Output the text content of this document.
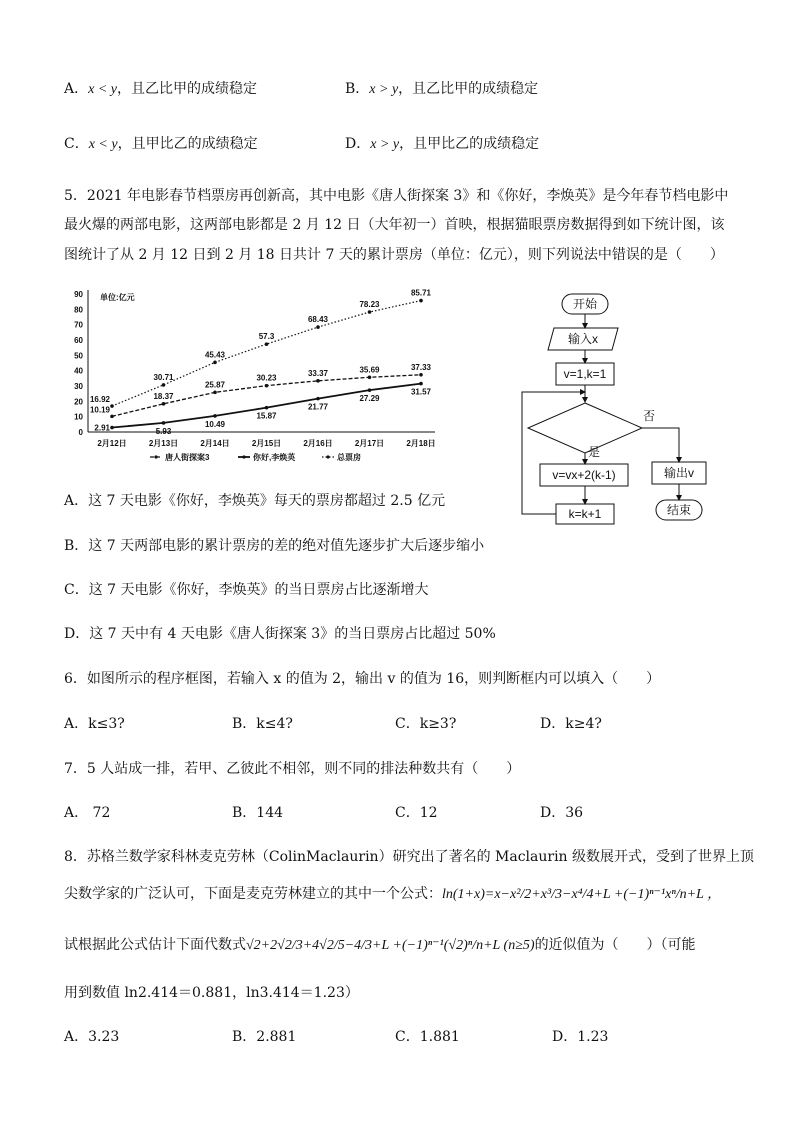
A．x < y，且乙比甲的成绩稳定	B．x > y，且乙比甲的成绩稳定
C．x < y，且甲比乙的成绩稳定	D．x > y，且甲比乙的成绩稳定
5．2021 年电影春节档票房再创新高，其中电影《唐人街探案 3》和《你好，李焕英》是今年春节档电影中
最火爆的两部电影，这两部电影都是 2 月 12 日（大年初一）首映，根据猫眼票房数据得到如下统计图，该
图统计了从 2 月 12 日到 2 月 18 日共计 7 天的累计票房（单位：亿元），则下列说法中错误的是（　　）
0
10
20
30
40
50
60
70
80
90
2月12日	2月13日	2月14日	2月15日	2月16日	2月17日	2月18日
单位:亿元
10.19
18.37
25.87
30.23
33.37	35.69	37.33
2.91	5.93
10.49
15.87
21.77
27.29
31.57
16.92
30.71
45.43
57.3
68.43
78.23
85.71
唐人街探案3	你好,李焕英	总票房
开始
输入x
v=1,k=1
是
否
v=vx+2(k-1)
k=k+1
输出v
结束
A．这 7 天电影《你好，李焕英》每天的票房都超过 2.5 亿元
B．这 7 天两部电影的累计票房的差的绝对值先逐步扩大后逐步缩小
C．这 7 天电影《你好，李焕英》的当日票房占比逐渐增大
D．这 7 天中有 4 天电影《唐人街探案 3》的当日票房占比超过 50%
6．如图所示的程序框图，若输入 x 的值为 2，输出 v 的值为 16，则判断框内可以填入（　　）
A．k≤3?	B．k≤4?	C．k≥3?	D．k≥4?
7．5 人站成一排，若甲、乙彼此不相邻，则不同的排法种数共有（　　）
A． 72	B．144	C．12	D．36
8．苏格兰数学家科林麦克劳林（ColinMaclaurin）研究出了著名的 Maclaurin 级数展开式，受到了世界上顶
尖数学家的广泛认可，下面是麦克劳林建立的其中一个公式：ln(1+x)=x−x²/2+x³/3−x⁴/4+L +(−1)ⁿ⁻¹xⁿ/n+L ，
试根据此公式估计下面代数式√2+2√2/3+4√2/5−4/3+L +(−1)ⁿ⁻¹(√2)ⁿ/n+L (n≥5)的近似值为（　　）（可能
用到数值 ln2.414＝0.881，ln3.414＝1.23）
A．3.23	B．2.881	C．1.881	D．1.23
